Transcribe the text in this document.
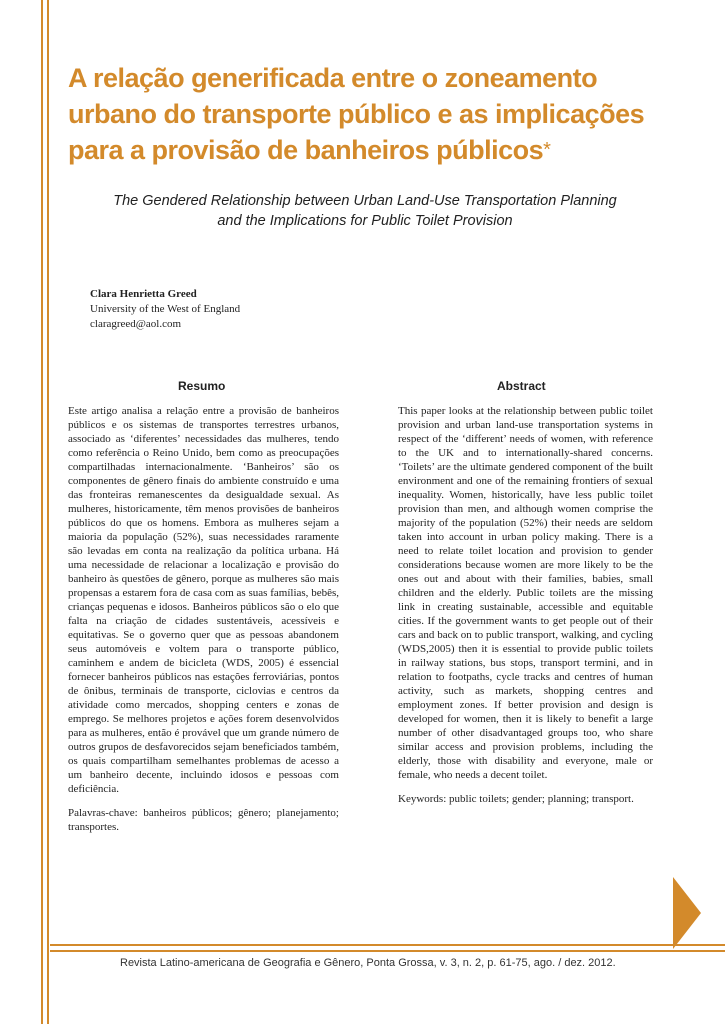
A relação generificada entre o zoneamento urbano do transporte público e as implicações para a provisão de banheiros públicos*
The Gendered Relationship between Urban Land-Use Transportation Planning and the Implications for Public Toilet Provision
Clara Henrietta Greed
University of the West of England
claragreed@aol.com
Resumo

Este artigo analisa a relação entre a provisão de banheiros públicos e os sistemas de transportes terrestres urbanos, associado as ‘diferentes’ necessidades das mulheres, tendo como referência o Reino Unido, bem como as preocupações compartilhadas internacionalmente. ‘Banheiros’ são os componentes de gênero finais do ambiente construído e uma das fronteiras remanescentes da desigualdade sexual. As mulheres, historicamente, têm menos provisões de banheiros públicos do que os homens. Embora as mulheres sejam a maioria da população (52%), suas necessidades raramente são levadas em conta na realização da política urbana. Há uma necessidade de relacionar a localização e provisão do banheiro às questões de gênero, porque as mulheres são mais propensas a estarem fora de casa com as suas famílias, bebês, crianças pequenas e idosos. Banheiros públicos são o elo que falta na criação de cidades sustentáveis, acessíveis e equitativas. Se o governo quer que as pessoas abandonem seus automóveis e voltem para o transporte público, caminhem e andem de bicicleta (WDS, 2005) é essencial fornecer banheiros públicos nas estações ferroviárias, pontos de ônibus, terminais de transporte, ciclovias e centros da atividade como mercados, shopping centers e zonas de emprego. Se melhores projetos e ações forem desenvolvidos para as mulheres, então é provável que um grande número de outros grupos de desfavorecidos sejam beneficiados também, os quais compartilham semelhantes problemas de acesso a um banheiro decente, incluindo idosos e pessoas com deficiência.

Palavras-chave: banheiros públicos; gênero; planejamento; transportes.

Abstract

This paper looks at the relationship between public toilet provision and urban land-use transportation systems in respect of the ‘different’ needs of women, with reference to the UK and to internationally-shared concerns. ‘Toilets’ are the ultimate gendered component of the built environment and one of the remaining frontiers of sexual inequality. Women, historically, have less public toilet provision than men, and although women comprise the majority of the population (52%) their needs are seldom taken into account in urban policy making. There is a need to relate toilet location and provision to gender considerations because women are more likely to be the ones out and about with their families, babies, small children and the elderly. Public toilets are the missing link in creating sustainable, accessible and equitable cities. If the government wants to get people out of their cars and back on to public transport, walking, and cycling (WDS,2005) then it is essential to provide public toilets in railway stations, bus stops, transport termini, and in relation to footpaths, cycle tracks and centres of human activity, such as markets, shopping centres and employment zones. If better provision and design is developed for women, then it is likely to benefit a large number of other disadvantaged groups too, who share similar access and provision problems, including the elderly, those with disability and everyone, male or female, who needs a decent toilet.

Keywords: public toilets; gender; planning; transport.

Revista Latino-americana de Geografia e Gênero, Ponta Grossa, v. 3, n. 2, p. 61-75, ago. / dez. 2012.
